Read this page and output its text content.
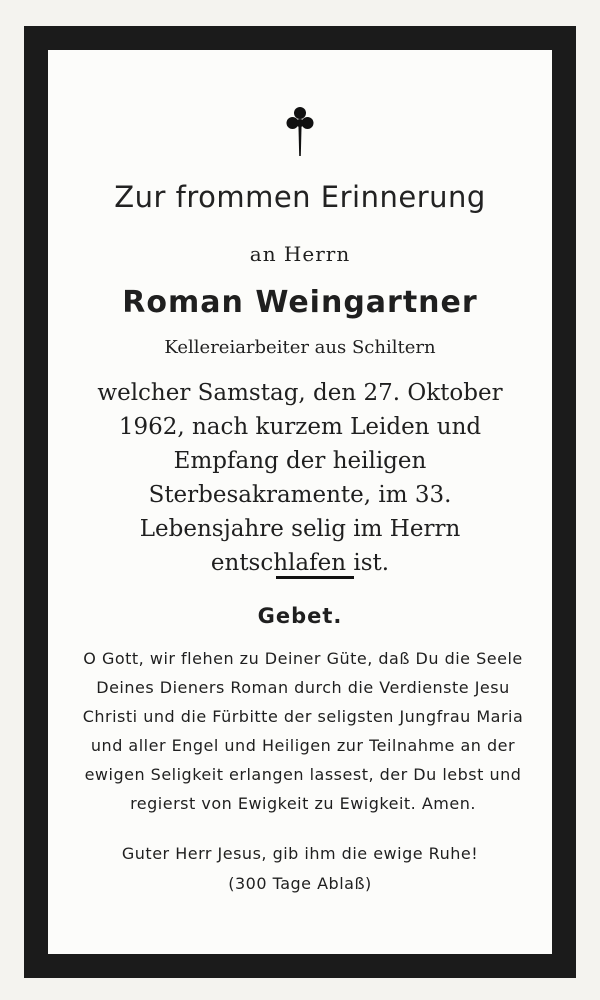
Zur frommen Erinnerung
an Herrn
Roman Weingartner
Kellereiarbeiter aus Schiltern
welcher Samstag, den 27. Oktober 1962, nach kurzem Leiden und Empfang der heiligen Sterbesakramente, im 33. Lebensjahre selig im Herrn entschlafen ist.
Gebet.
O Gott, wir flehen zu Deiner Güte, daß Du die Seele Deines Dieners Roman durch die Verdienste Jesu Christi und die Fürbitte der seligsten Jungfrau Maria und aller Engel und Heiligen zur Teilnahme an der ewigen Seligkeit erlangen lassest, der Du lebst und regierst von Ewigkeit zu Ewigkeit. Amen.
Guter Herr Jesus, gib ihm die ewige Ruhe!
(300 Tage Ablaß)
